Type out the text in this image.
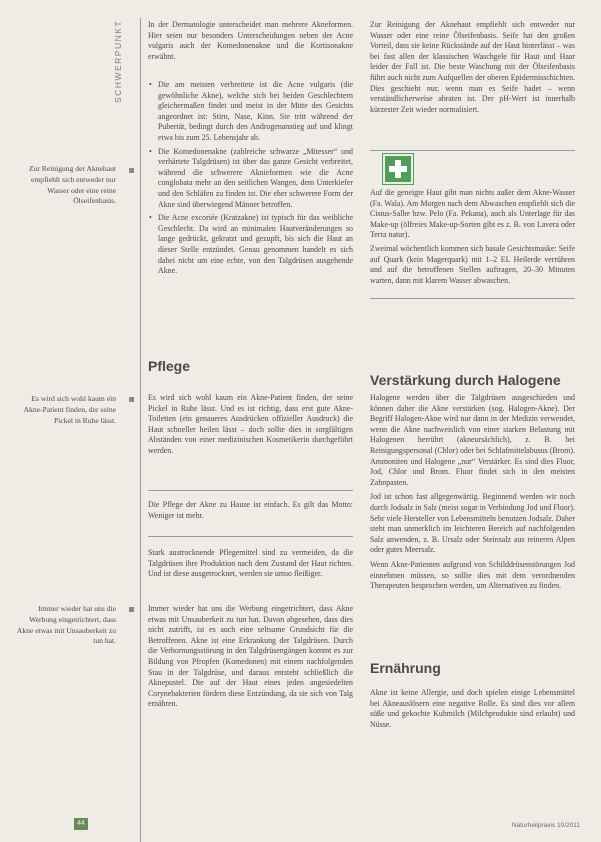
SCHWERPUNKT
Zur Reinigung der Aknehaut empfiehlt sich entweder nur Wasser oder eine reine Ölseifenbasis.
Es wird sich wohl kaum ein Akne-Patient finden, der seine Pickel in Ruhe lässt.
Immer wieder hat uns die Werbung eingetrichtert, dass Akne etwas mit Unsauberkeit zu tun hat.

In der Dermatologie unterscheidet man mehrere Akneformen. Hier seien nur besonders Unterscheidungen neben der Acne vulgaris auch der Komedonenakne und die Kortisonakne erwähnt.

• Die am meisten verbreitete ist die Acne vulgaris (die gewöhnliche Akne), welche sich bei beiden Geschlechtern gleichermaßen findet und meist in der Mitte des Gesichts angeordnet ist: Stirn, Nase, Kinn. Sie tritt während der Pubertät, bedingt durch den Androgenanstieg auf und klingt etwa bis zum 25. Lebensjahr ab.
• Die Komedonenakne (zahlreiche schwarze „Mitesser“ und verhärtete Talgdrüsen) ist über das ganze Gesicht verbreitet, während die schwerere Aknieformen wie die Acne conglobata mehr an den seitlichen Wangen, dem Unterkiefer und den Schläfen zu finden ist. Die eher schwerere Form der Akne sind überwiegend Männer betroffen.
• Die Acne excoriée (Kratzakne) ist typisch für das weibliche Geschlecht. Da wird an minimalen Hautveränderungen so lange gedrückt, gekratzt und gezupft, bis sich die Haut an dieser Stelle entzündet. Genau genommen handelt es sich dabei nicht um eine echte, von den Talgdrüsen ausgehende Akne.
Pflege

Es wird sich wohl kaum ein Akne-Patient finden, der seine Pickel in Ruhe lässt. Und es ist richtig, dass erst gute Akne-Toiletten (ein genaueres Ausdrücken offizieller Ausdruck) die Haut schneller heilen lässt – doch sollte dies in sorgfältigen Abständen von einer medizinischen Kosmetikerin durchgeführt werden.

Die Pflege der Akne zu Hause ist einfach. Es gilt das Motto: Weniger ist mehr.

Stark austrocknende Pflegemittel sind zu vermeiden, da die Talgdrüsen ihre Produktion nach dem Zustand der Haut richten. Und ist diese ausgetrocknet, werden sie umso fleißiger.

Immer wieder hat uns die Werbung eingetrichtert, dass Akne etwas mit Unsauberkeit zu tun hat. Davon abgesehen, dass dies nicht zutrifft, ist es auch eine seltsame Grundsicht für die Betroffenen. Akne ist eine Erkrankung der Talgdrüsen. Durch die Verhornungsstörung in den Talgdrüsengängen kommt es zur Bildung von Pfropfen (Komedonen) mit einem nachfolgenden Stau in der Talgdrüse, und daraus entsteht schließlich die Aknepustel. Die auf der Haut eines jeden angesiedelten Corynebakterien fördern diese Entzündung, da sie sich von Talg ernähren.

Zur Reinigung der Aknehaut empfiehlt sich entweder nur Wasser oder eine reine Ölseifenbasis. Seife hat den großen Vorteil, dass sie keine Rückstände auf der Haut hinterlässt – was bei fast allen der klassischen Waschgele für Haut und Haar leider der Fall ist. Die beste Waschung mit der Ölseifenbasis führt auch nicht zum Aufquellen der oberen Epidermisschichten. Dies geschieht nur, wenn man es Seife badet – wenn verständlicherweise abraten ist. Der pH-Wert ist innerhalb kürzester Zeit wieder normalisiert.

Auf die geneigte Haut gibt man nichts außer dem Akne-Wasser (Fa. Wala). Am Morgen nach dem Abwaschen empfiehlt sich die Cistus-Salbe bzw. Pelo (Fa. Pekana), auch als Unterlage für das Make-up (ölfreies Make-up-Sorten gibt es z. B. von Lavera oder Terra natur).

Zweimal wöchentlich kommen sich basale Gesichtsmaske: Seife auf Quark (kein Magerquark) mit 1–2 EL Heilerde verrühren und auf die betroffenen Stellen auftragen, 20–30 Minuten warten, dann mit klarem Wasser abwaschen.

Verstärkung durch Halogene

Halogene werden über die Talgdrüsen ausgeschieden und können daher die Akne verstärken (sog. Halogen-Akne). Der Begriff Halogen-Akne wird nur dann in der Medizin verwendet, wenn die Akne nachweislich von einer starken Belastung mit Halogenen herrührt (akneursächlich), z. B. bei Reinigungspersonal (Chlor) oder bei Schlafmittelabusus (Brom). Ammoniten und Halogene „nur“ Verstärker. Es sind dies Fluor, Jod, Chlor und Brom. Fluor findet sich in den meisten Zahnpasten.

Jod ist schon fast allgegenwärtig. Beginnend werden wir noch durch Jodsalz in Salz (meist sogar in Verbindung Jod und Fluor). Sehr viele Hersteller von Lebensmitteln benutzen Jodsalz. Daher steht man unmerklich im leichteren Bereich auf nachfolgenden Salz anwenden, z. B. Ursalz oder Steinsalz aus reineren Alpen oder gutes Meersalz.

Wenn Akne-Patienten aufgrund von Schilddrüsenstörungen Jod einnehmen müssen, so sollte dies mit dem verordnenden Therapeuten besprochen werden, um Alternativen zu finden.

Ernährung

Akne ist keine Allergie, und doch spielen einige Lebensmittel bei Akneauslösern eine negative Rolle. Es sind dies vor allem süße und gekochte Kuhmilch (Milchprodukte sind erlaubt) und Nüsse.

44	Naturheilpraxis 10/2011
